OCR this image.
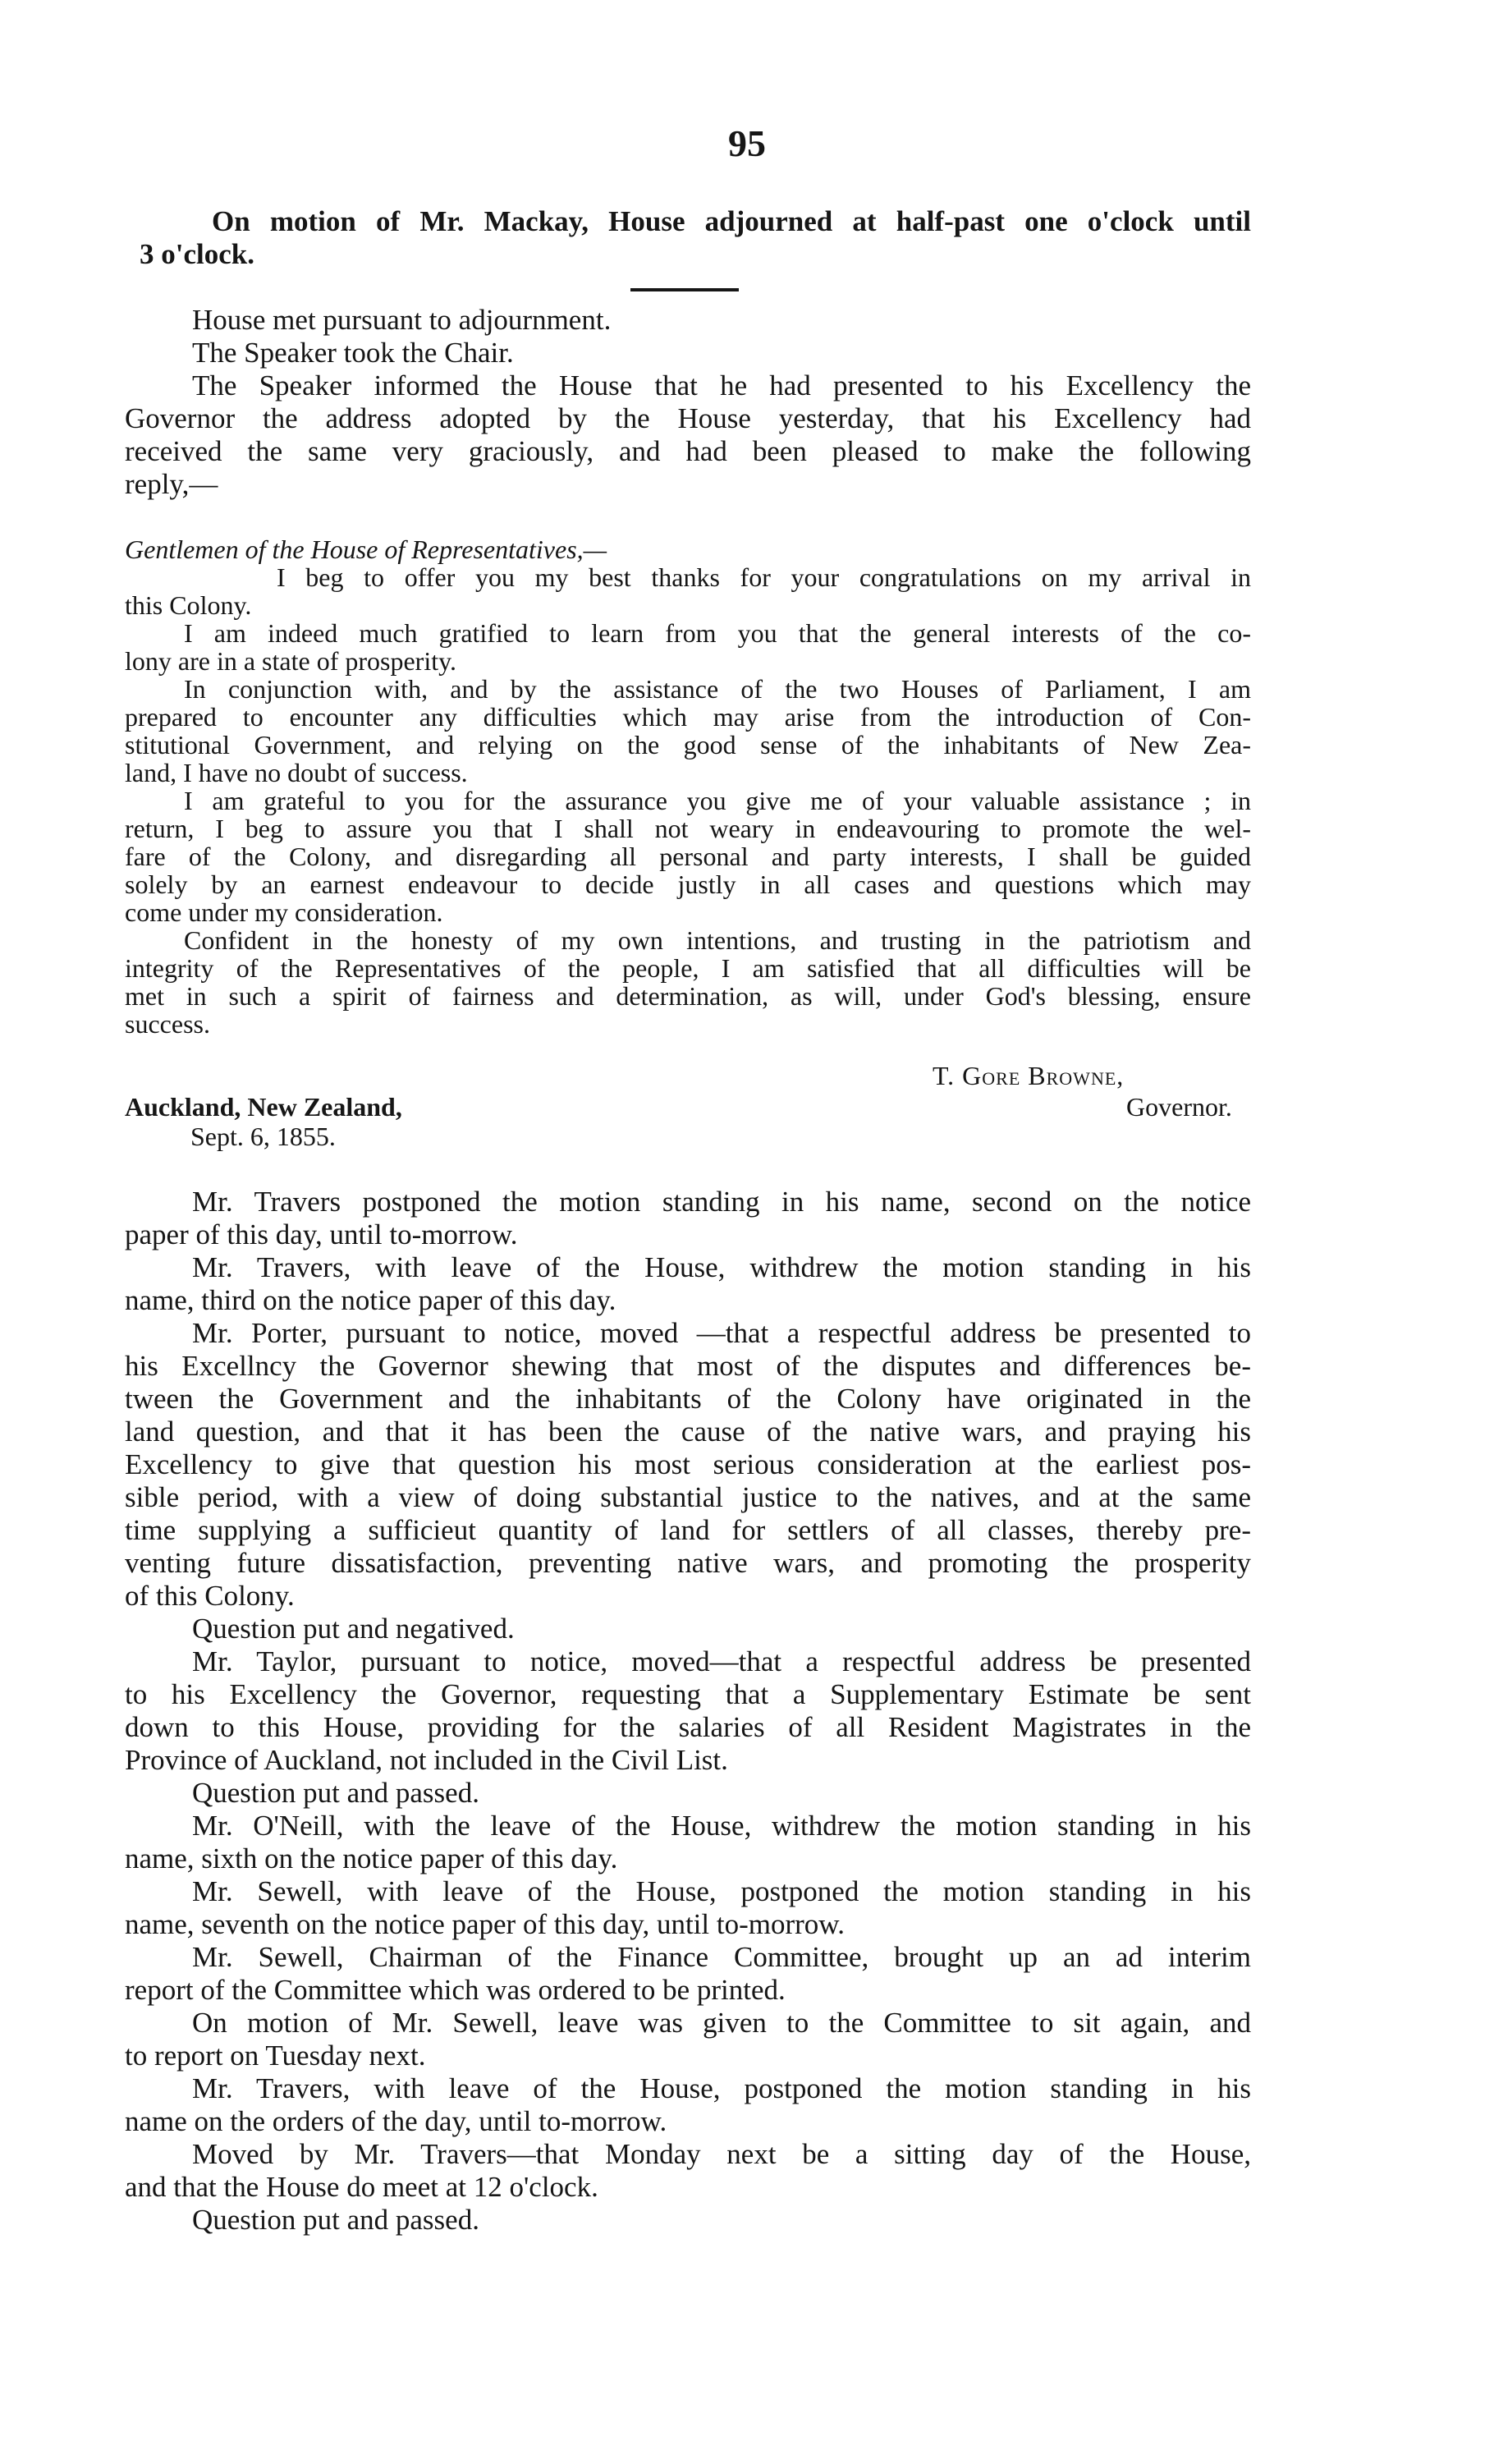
95
On motion of Mr. Mackay, House adjourned at half-past one o'clock until
3 o'clock.
House met pursuant to adjournment.
The Speaker took the Chair.
The Speaker informed the House that he had presented to his Excellency the
Governor the address adopted by the House yesterday, that his Excellency had
received the same very graciously, and had been pleased to make the following
reply,—
Gentlemen of the House of Representatives,—
I beg to offer you my best thanks for your congratulations on my arrival in
this Colony.
I am indeed much gratified to learn from you that the general interests of the co-
lony are in a state of prosperity.
In conjunction with, and by the assistance of the two Houses of Parliament, I am
prepared to encounter any difficulties which may arise from the introduction of Con-
stitutional Government, and relying on the good sense of the inhabitants of New Zea-
land, I have no doubt of success.
I am grateful to you for the assurance you give me of your valuable assistance ; in
return, I beg to assure you that I shall not weary in endeavouring to promote the wel-
fare of the Colony, and disregarding all personal and party interests, I shall be guided
solely by an earnest endeavour to decide justly in all cases and questions which may
come under my consideration.
Confident in the honesty of my own intentions, and trusting in the patriotism and
integrity of the Representatives of the people, I am satisfied that all difficulties will be
met in such a spirit of fairness and determination, as will, under God's blessing, ensure
success.
T. Gore Browne,
Auckland, New Zealand,	Governor.
Sept. 6, 1855.
Mr. Travers postponed the motion standing in his name, second on the notice
paper of this day, until to-morrow.
Mr. Travers, with leave of the House, withdrew the motion standing in his
name, third on the notice paper of this day.
Mr. Porter, pursuant to notice, moved —that a respectful address be presented to
his Excellncy the Governor shewing that most of the disputes and differences be-
tween the Government and the inhabitants of the Colony have originated in the
land question, and that it has been the cause of the native wars, and praying his
Excellency to give that question his most serious consideration at the earliest pos-
sible period, with a view of doing substantial justice to the natives, and at the same
time supplying a sufficieut quantity of land for settlers of all classes, thereby pre-
venting future dissatisfaction, preventing native wars, and promoting the prosperity
of this Colony.
Question put and negatived.
Mr. Taylor, pursuant to notice, moved—that a respectful address be presented
to his Excellency the Governor, requesting that a Supplementary Estimate be sent
down to this House, providing for the salaries of all Resident Magistrates in the
Province of Auckland, not included in the Civil List.
Question put and passed.
Mr. O'Neill, with the leave of the House, withdrew the motion standing in his
name, sixth on the notice paper of this day.
Mr. Sewell, with leave of the House, postponed the motion standing in his
name, seventh on the notice paper of this day, until to-morrow.
Mr. Sewell, Chairman of the Finance Committee, brought up an ad interim
report of the Committee which was ordered to be printed.
On motion of Mr. Sewell, leave was given to the Committee to sit again, and
to report on Tuesday next.
Mr. Travers, with leave of the House, postponed the motion standing in his
name on the orders of the day, until to-morrow.
Moved by Mr. Travers—that Monday next be a sitting day of the House,
and that the House do meet at 12 o'clock.
Question put and passed.
